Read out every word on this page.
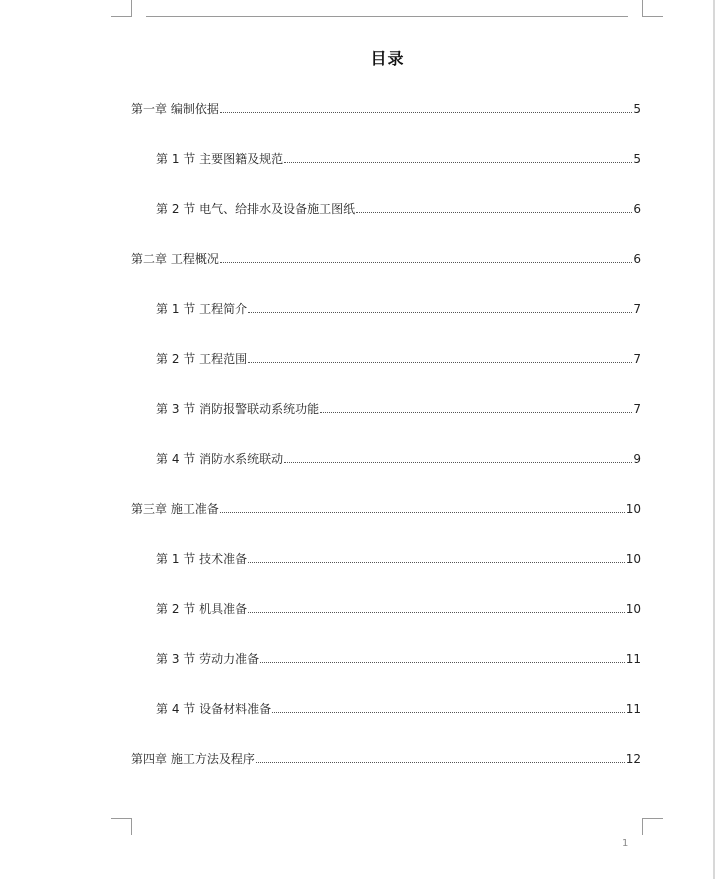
目录
第一章 编制依据	5
第 1 节 主要图籍及规范	5
第 2 节 电气、给排水及设备施工图纸	6
第二章 工程概况	6
第 1 节 工程简介	7
第 2 节 工程范围	7
第 3 节 消防报警联动系统功能	7
第 4 节 消防水系统联动	9
第三章 施工准备	10
第 1 节 技术准备	10
第 2 节 机具准备	10
第 3 节 劳动力准备	11
第 4 节 设备材料准备	11
第四章 施工方法及程序	12
1
